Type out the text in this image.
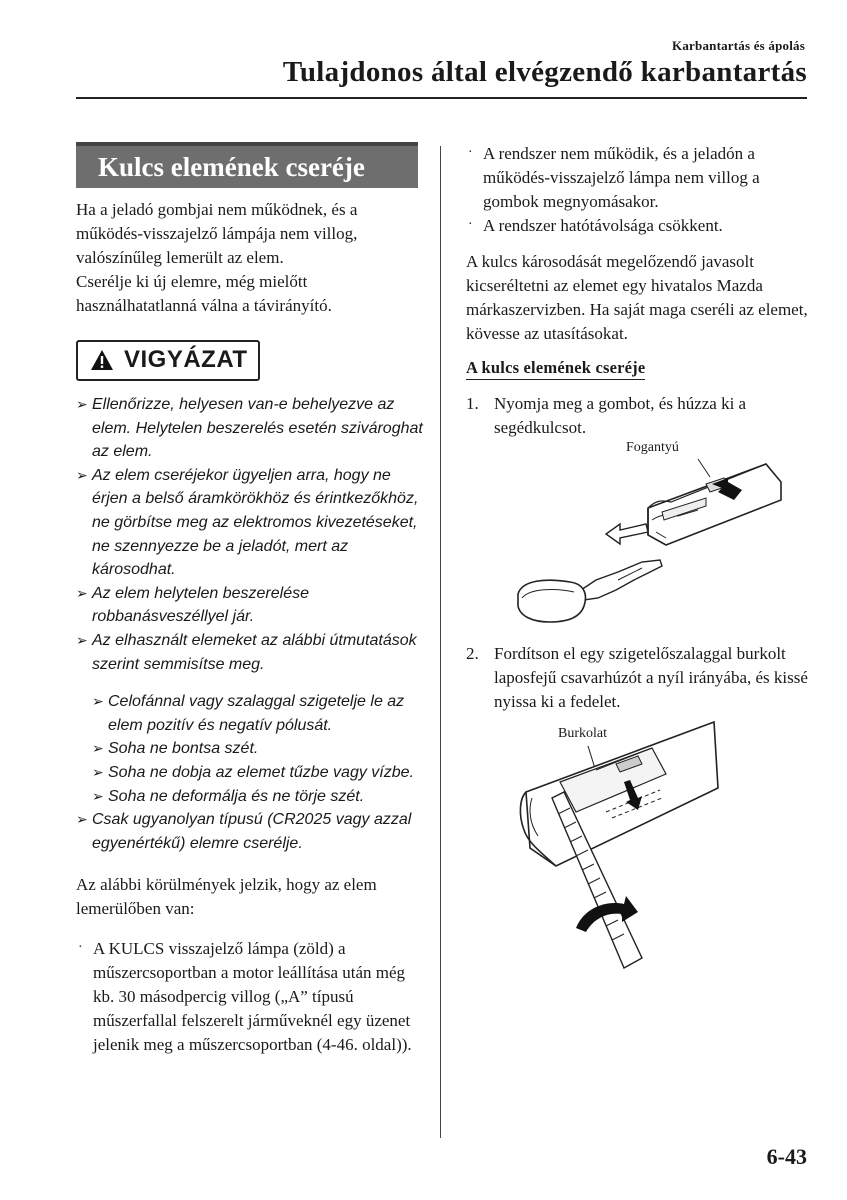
Karbantartás és ápolás
Tulajdonos által elvégzendő karbantartás
Kulcs elemének cseréje

Ha a jeladó gombjai nem működnek, és a működés-visszajelző lámpája nem villog, valószínűleg lemerült az elem.

Cserélje ki új elemre, még mielőtt használhatatlanná válna a távirányító.

VIGYÁZAT
➢ Ellenőrizze, helyesen van-e behelyezve az elem. Helytelen beszerelés esetén szivároghat az elem.
➢ Az elem cseréjekor ügyeljen arra, hogy ne érjen a belső áramkörökhöz és érintkezőkhöz, ne görbítse meg az elektromos kivezetéseket, ne szennyezze be a jeladót, mert az károsodhat.
➢ Az elem helytelen beszerelése robbanásveszéllyel jár.
➢ Az elhasznált elemeket az alábbi útmutatások szerint semmisítse meg.
➢ Celofánnal vagy szalaggal szigetelje le az elem pozitív és negatív pólusát.
➢ Soha ne bontsa szét.
➢ Soha ne dobja az elemet tűzbe vagy vízbe.
➢ Soha ne deformálja és ne törje szét.
➢ Csak ugyanolyan típusú (CR2025 vagy azzal egyenértékű) elemre cserélje.

Az alábbi körülmények jelzik, hogy az elem lemerülőben van:

· A KULCS visszajelző lámpa (zöld) a műszercsoportban a motor leállítása után még kb. 30 másodpercig villog („A” típusú műszerfallal felszerelt járműveknél egy üzenet jelenik meg a műszercsoportban (4-46. oldal)).
· A rendszer nem működik, és a jeladón a működés-visszajelző lámpa nem villog a gombok megnyomásakor.
· A rendszer hatótávolsága csökkent.

A kulcs károsodását megelőzendő javasolt kicseréltetni az elemet egy hivatalos Mazda márkaszervizben. Ha saját maga cseréli az elemet, kövesse az utasításokat.

A kulcs elemének cseréje
1. Nyomja meg a gombot, és húzza ki a segédkulcsot.
Fogantyú
2. Fordítson el egy szigetelőszalaggal burkolt laposfejű csavarhúzót a nyíl irányába, és kissé nyissa ki a fedelet.
Burkolat
6-43
